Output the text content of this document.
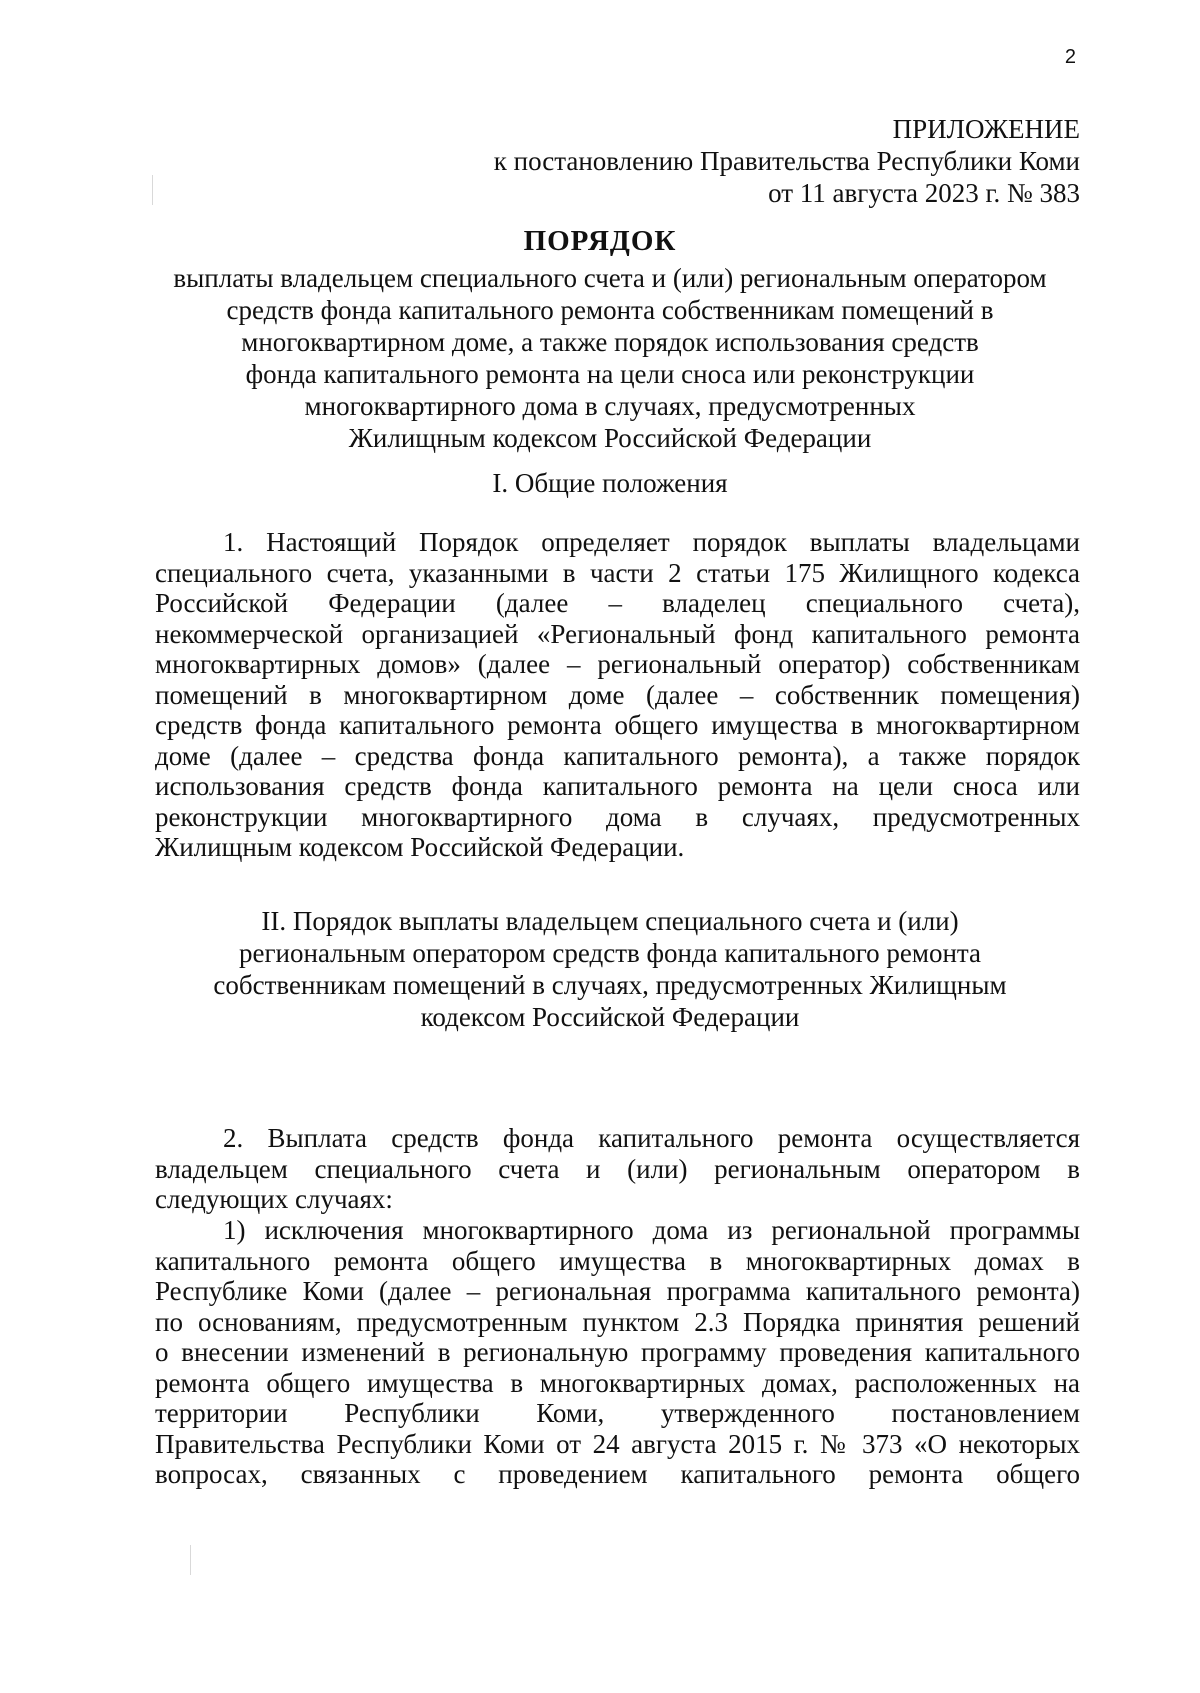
2
ПРИЛОЖЕНИЕ
к постановлению Правительства Республики Коми
от 11 августа 2023 г. № 383
ПОРЯДОК
выплаты владельцем специального счета и (или) региональным оператором
средств фонда капитального ремонта собственникам помещений в
многоквартирном доме, а также порядок использования средств
фонда капитального ремонта на цели сноса или реконструкции
многоквартирного дома в случаях, предусмотренных
Жилищным кодексом Российской Федерации
I. Общие положения
1. Настоящий Порядок определяет порядок выплаты владельцами
специального счета, указанными в части 2 статьи 175 Жилищного кодекса
Российской Федерации (далее – владелец специального счета),
некоммерческой организацией «Региональный фонд капитального ремонта
многоквартирных домов» (далее – региональный оператор) собственникам
помещений в многоквартирном доме (далее – собственник помещения)
средств фонда капитального ремонта общего имущества в многоквартирном
доме (далее – средства фонда капитального ремонта), а также порядок
использования средств фонда капитального ремонта на цели сноса или
реконструкции многоквартирного дома в случаях, предусмотренных
Жилищным кодексом Российской Федерации.
II. Порядок выплаты владельцем специального счета и (или)
региональным оператором средств фонда капитального ремонта
собственникам помещений в случаях, предусмотренных Жилищным
кодексом Российской Федерации
2. Выплата средств фонда капитального ремонта осуществляется
владельцем специального счета и (или) региональным оператором в
следующих случаях:
1) исключения многоквартирного дома из региональной программы
капитального ремонта общего имущества в многоквартирных домах в
Республике Коми (далее – региональная программа капитального ремонта)
по основаниям, предусмотренным пунктом 2.3 Порядка принятия решений
о внесении изменений в региональную программу проведения капитального
ремонта общего имущества в многоквартирных домах, расположенных на
территории Республики Коми, утвержденного постановлением
Правительства Республики Коми от 24 августа 2015 г. № 373 «О некоторых
вопросах, связанных с проведением капитального ремонта общего
